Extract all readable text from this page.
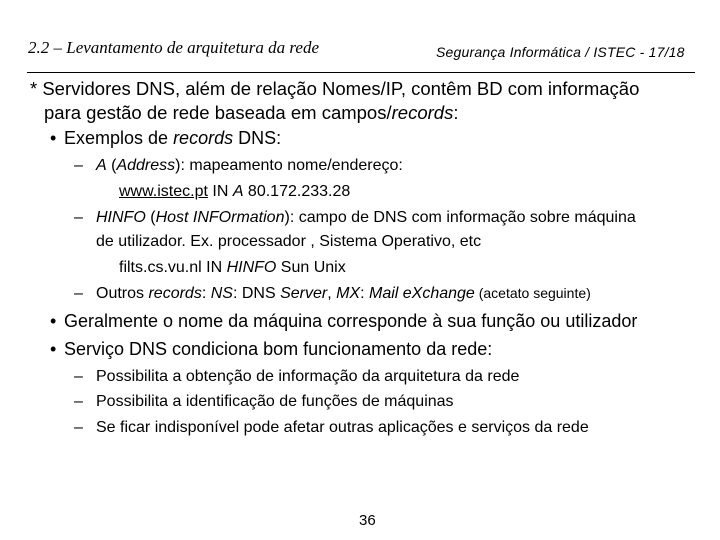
2.2 – Levantamento de arquitetura da rede	Segurança Informática / ISTEC - 17/18
* Servidores DNS, além de relação Nomes/IP, contêm BD com informação
para gestão de rede baseada em campos/records:
• Exemplos de records DNS:
– A (Address): mapeamento nome/endereço:
www.istec.pt IN A 80.172.233.28
– HINFO (Host INFOrmation): campo de DNS com informação sobre máquina
de utilizador. Ex. processador , Sistema Operativo, etc
filts.cs.vu.nl IN HINFO Sun Unix
– Outros records: NS: DNS Server, MX: Mail eXchange (acetato seguinte)
• Geralmente o nome da máquina corresponde à sua função ou utilizador
• Serviço DNS condiciona bom funcionamento da rede:
– Possibilita a obtenção de informação da arquitetura da rede
– Possibilita a identificação de funções de máquinas
– Se ficar indisponível pode afetar outras aplicações e serviços da rede
36
